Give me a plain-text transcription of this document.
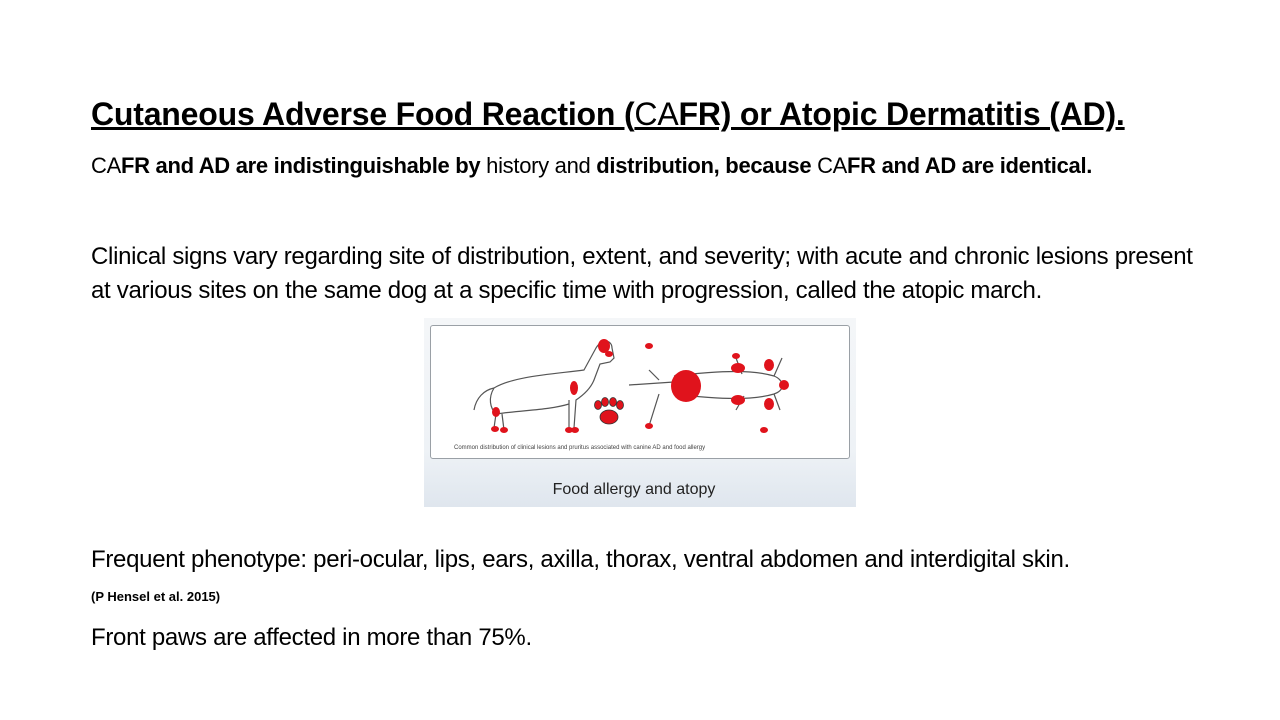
Cutaneous Adverse Food Reaction (CAFR) or Atopic Dermatitis (AD).
CAFR and AD are indistinguishable by history and distribution, because CAFR and AD are identical.
Clinical signs vary regarding site of distribution, extent, and severity; with acute and chronic lesions present at various sites on the same dog at a specific time with progression, called the atopic march.
Common distribution of clinical lesions and pruritus associated with canine AD and food allergy
Food allergy and atopy
Frequent phenotype: peri-ocular, lips, ears, axilla, thorax, ventral abdomen and interdigital skin.
(P Hensel et al. 2015)
Front paws are affected in more than 75%.
